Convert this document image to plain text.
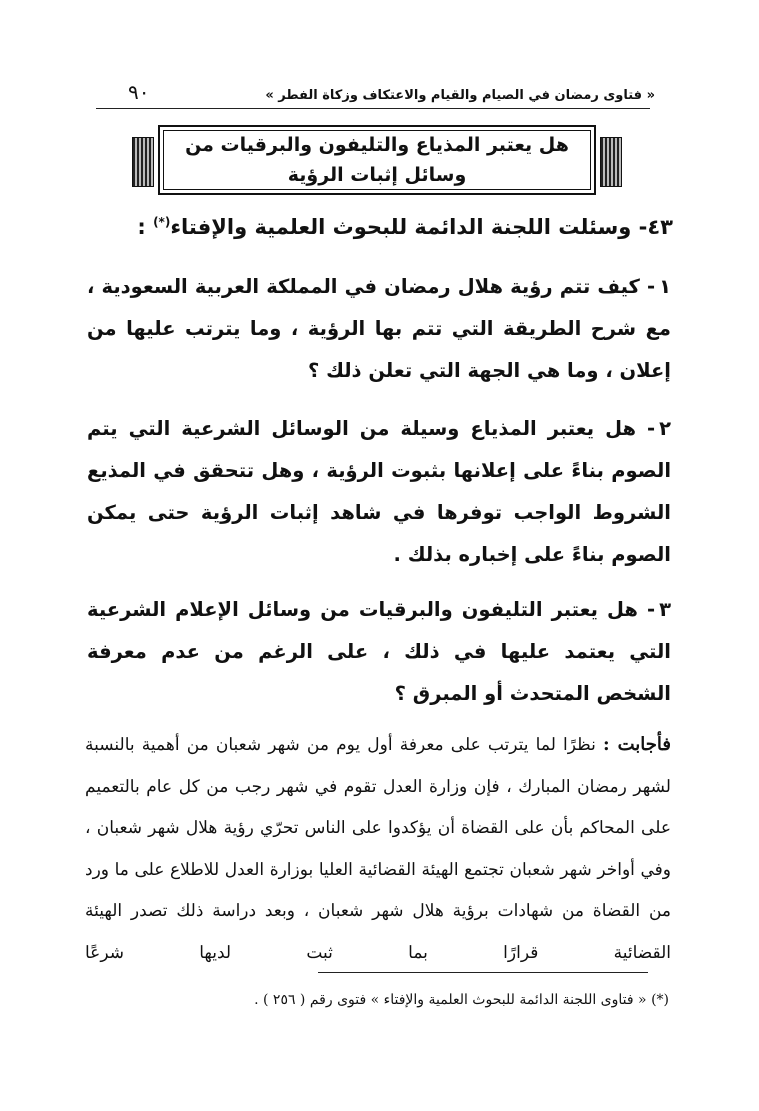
« فتاوى رمضان في الصيام والقيام والاعتكاف وزكاة الفطر »
٩٠
هل يعتبر المذياع والتليفون والبرقيات من
وسائل إثبات الرؤية
٤٣- وسئلت اللجنة الدائمة للبحوث العلمية والإفتاء(*) :
١- كيف تتم رؤية هلال رمضان في المملكة العربية السعودية ، مع شرح الطريقة التي تتم بها الرؤية ، وما يترتب عليها من إعلان ، وما هي الجهة التي تعلن ذلك ؟
٢- هل يعتبر المذياع وسيلة من الوسائل الشرعية التي يتم الصوم بناءً على إعلانها بثبوت الرؤية ، وهل تتحقق في المذيع الشروط الواجب توفرها في شاهد إثبات الرؤية حتى يمكن الصوم بناءً على إخباره بذلك .
٣- هل يعتبر التليفون والبرقيات من وسائل الإعلام الشرعية التي يعتمد عليها في ذلك ، على الرغم من عدم معرفة الشخص المتحدث أو المبرق ؟
فأجابت : نظرًا لما يترتب على معرفة أول يوم من شهر شعبان من أهمية بالنسبة لشهر رمضان المبارك ، فإن وزارة العدل تقوم في شهر رجب من كل عام بالتعميم على المحاكم بأن على القضاة أن يؤكدوا على الناس تحرّي رؤية هلال شهر شعبان ، وفي أواخر شهر شعبان تجتمع الهيئة القضائية العليا بوزارة العدل للاطلاع على ما ورد من القضاة من شهادات برؤية هلال شهر شعبان ، وبعد دراسة ذلك تصدر الهيئة القضائية قرارًا بما ثبت لديها شرعًا
(*) « فتاوى اللجنة الدائمة للبحوث العلمية والإفتاء » فتوى رقم ( ٢٥٦ ) .
